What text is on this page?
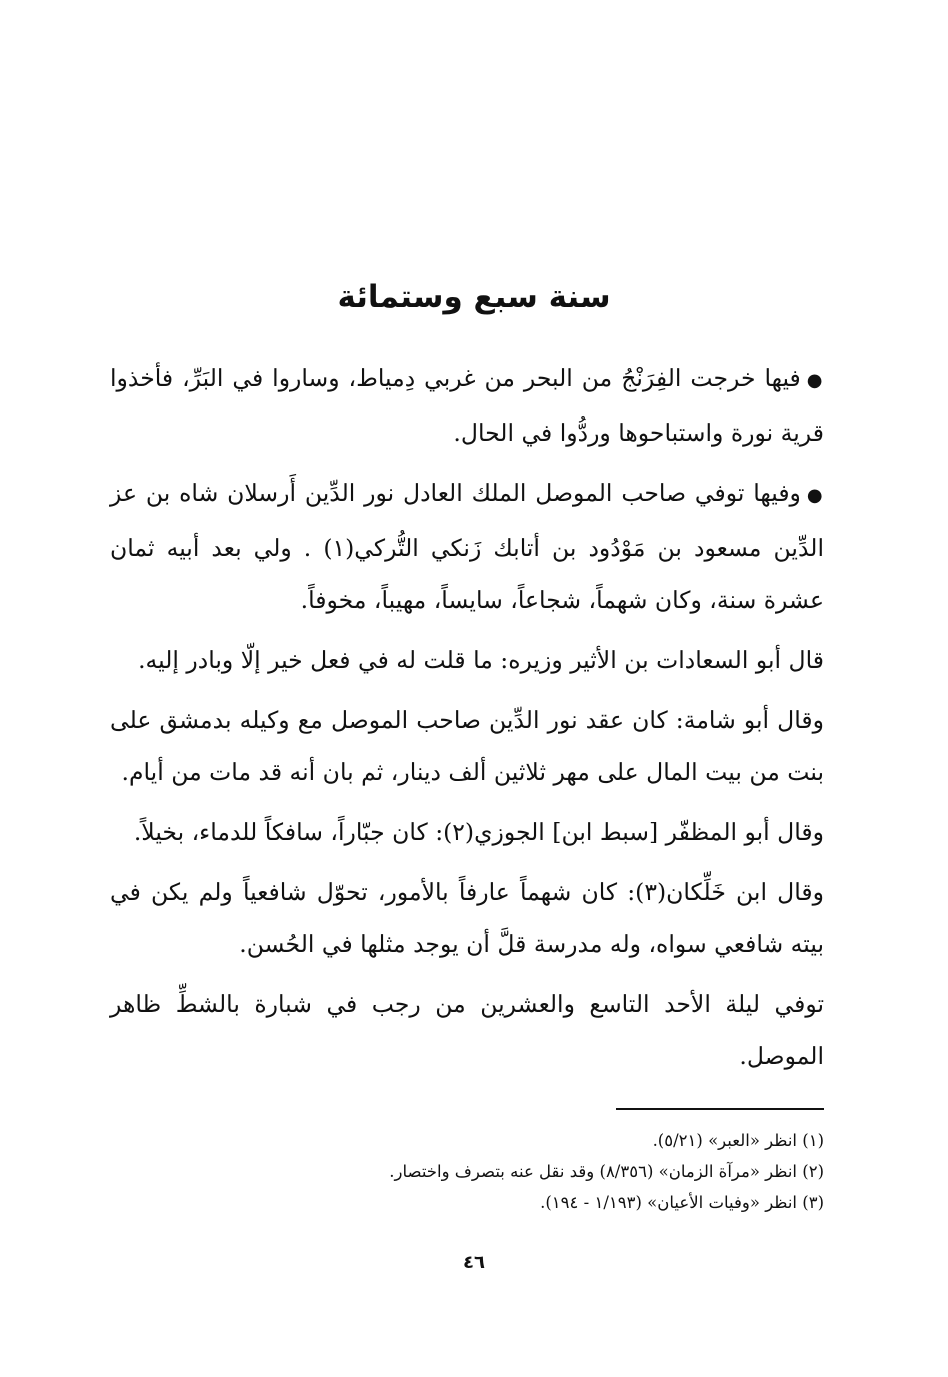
سنة سبع وستمائة

●فيها خرجت الفِرَنْجُ من البحر من غربي دِمياط، وساروا في البَرِّ، فأخذوا قرية نورة واستباحوها وردُّوا في الحال.

●وفيها توفي صاحب الموصل الملك العادل نور الدِّين أَرسلان شاه بن عز الدِّين مسعود بن مَوْدُود بن أتابك زَنكي التُّركي(١) . ولي بعد أبيه ثمان عشرة سنة، وكان شهماً، شجاعاً، سايساً، مهيباً، مخوفاً.

قال أبو السعادات بن الأثير وزيره: ما قلت له في فعل خير إلّا وبادر إليه.

وقال أبو شامة: كان عقد نور الدِّين صاحب الموصل مع وكيله بدمشق على بنت من بيت المال على مهر ثلاثين ألف دينار، ثم بان أنه قد مات من أيام.

وقال أبو المظفّر [سبط ابن] الجوزي(٢): كان جبّاراً، سافكاً للدماء، بخيلاً.

وقال ابن خَلِّكان(٣): كان شهماً عارفاً بالأمور، تحوّل شافعياً ولم يكن في بيته شافعي سواه، وله مدرسة قلَّ أن يوجد مثلها في الحُسن.

توفي ليلة الأحد التاسع والعشرين من رجب في شبارة بالشطِّ ظاهر الموصل.

(١) انظر «العبر» (٥/٢١).

(٢) انظر «مرآة الزمان» (٨/٣٥٦) وقد نقل عنه بتصرف واختصار.

(٣) انظر «وفيات الأعيان» (١/١٩٣ - ١٩٤).

٤٦
